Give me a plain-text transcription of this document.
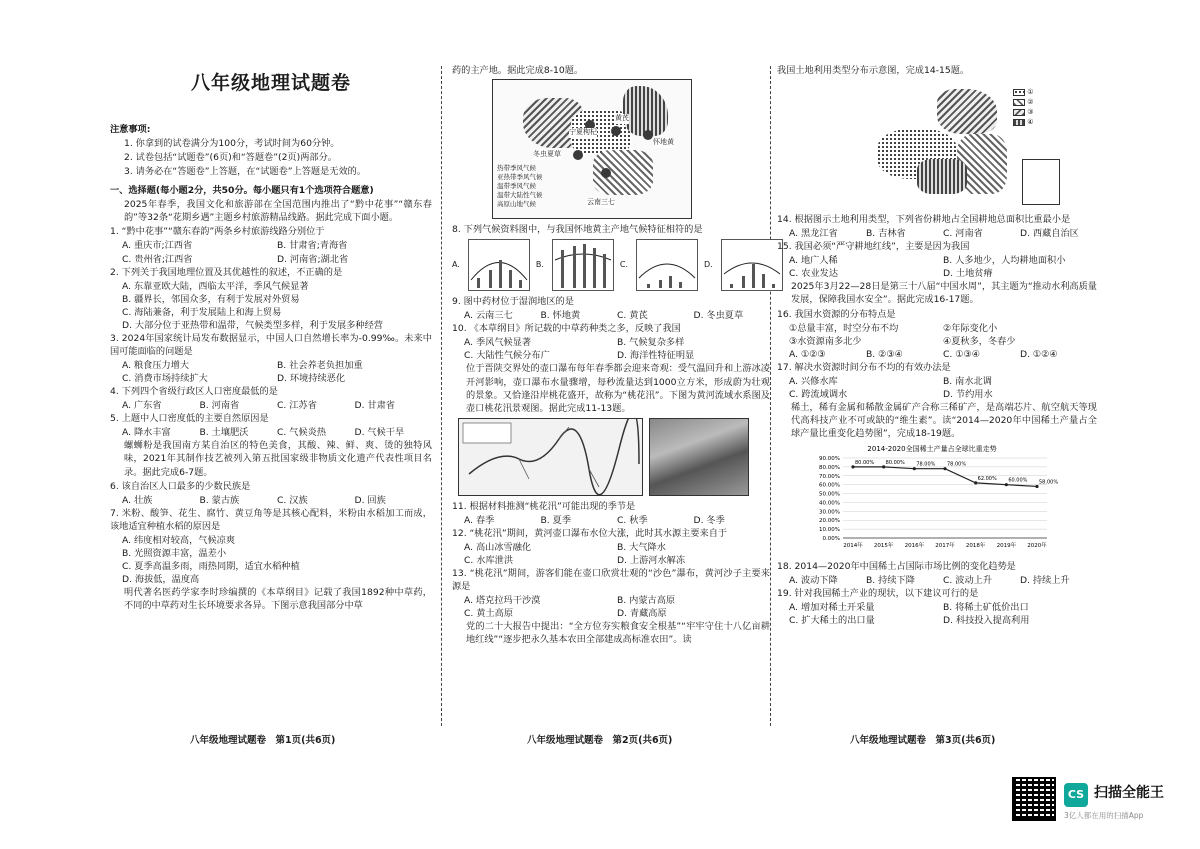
八年级地理试题卷
注意事项:
1. 你拿到的试卷满分为100分，考试时间为60分钟。
2. 试卷包括“试题卷”(6页)和“答题卷”(2页)两部分。
3. 请务必在“答题卷”上答题，在“试题卷”上答题是无效的。
一、选择题(每小题2分，共50分。每小题只有1个选项符合题意)
2025年春季，我国文化和旅游部在全国范围内推出了“黔中花事”“赣东春韵”等32条“花期乡遇”主题乡村旅游精品线路。据此完成下面小题。
1. “黔中花事”“赣东春韵”两条乡村旅游线路分别位于
A. 重庆市;江西省	B. 甘肃省;青海省
C. 贵州省;江西省	D. 河南省;湖北省
2. 下列关于我国地理位置及其优越性的叙述，不正确的是
A. 东靠亚欧大陆，西临太平洋，季风气候显著
B. 疆界长，邻国众多，有利于发展对外贸易
C. 海陆兼备，利于发展陆上和海上贸易
D. 大部分位于亚热带和温带，气候类型多样，利于发展多种经营
3. 2024年国家统计局发布数据显示，中国人口自然增长率为-0.99‰。未来中国可能面临的问题是
A. 粮食压力增大	B. 社会养老负担加重
C. 消费市场持续扩大	D. 环境持续恶化
4. 下列四个省级行政区人口密度最低的是
A. 广东省	B. 河南省	C. 江苏省	D. 甘肃省
5. 上题中人口密度低的主要自然原因是
A. 降水丰富	B. 土壤肥沃	C. 气候炎热	D. 气候干旱
螺蛳粉是我国南方某自治区的特色美食，其酸、辣、鲜、爽、烫的独特风味，2021年其制作技艺被列入第五批国家级非物质文化遗产代表性项目名录。据此完成6-7题。
6. 该自治区人口最多的少数民族是
A. 壮族	B. 蒙古族	C. 汉族	D. 回族
7. 米粉、酸笋、花生、腐竹、黄豆角等是其核心配料，米粉由水稻加工而成，该地适宜种植水稻的原因是
A. 纬度相对较高，气候凉爽
B. 光照资源丰富，温差小
C. 夏季高温多雨，雨热同期，适宜水稻种植
D. 海拔低，温度高
明代著名医药学家李时珍编撰的《本草纲目》记载了我国1892种中草药，不同的中草药对生长环境要求各异。下图示意我国部分中草
八年级地理试题卷　第1页(共6页)
药的主产地。据此完成8-10题。
宁夏枸杞
黄芪
怀地黄
云南三七
冬虫夏草
热带季风气候
亚热带季风气候
温带季风气候
温带大陆性气候
高原山地气候
8. 下列气候资料图中，与我国怀地黄主产地气候特征相符的是
A.	B.	C.	D.
9. 图中药材位于湿润地区的是
A. 云南三七	B. 怀地黄	C. 黄芪	D. 冬虫夏草
10. 《本草纲目》所记载的中草药种类之多，反映了我国
A. 季风气候显著	B. 气候复杂多样
C. 大陆性气候分布广	D. 海洋性特征明显
位于晋陕交界处的壶口瀑布每年春季都会迎来奇观：受气温回升和上游冰凌开河影响，壶口瀑布水量骤增，每秒流量达到1000立方米，形成蔚为壮观的景象。又恰逢沿岸桃花盛开，故称为“桃花汛”。下图为黄河流域水系图及壶口桃花汛景观图。据此完成11-13题。
11. 根据材料推测“桃花汛”可能出现的季节是
A. 春季	B. 夏季	C. 秋季	D. 冬季
12. “桃花汛”期间，黄河壶口瀑布水位大涨，此时其水源主要来自于
A. 高山冰雪融化	B. 大气降水
C. 水库泄洪	D. 上游河水解冻
13. “桃花汛”期间，游客们能在壶口欣赏壮观的“沙色”瀑布，黄河沙子主要来源是
A. 塔克拉玛干沙漠	B. 内蒙古高原
C. 黄土高原	D. 青藏高原
党的二十大报告中提出：“全方位夯实粮食安全根基”“牢牢守住十八亿亩耕地红线”“逐步把永久基本农田全部建成高标准农田”。读
八年级地理试题卷　第2页(共6页)
我国土地利用类型分布示意图，完成14-15题。
①
②
③
④
14. 根据图示土地利用类型，下列省份耕地占全国耕地总面积比重最小是
A. 黑龙江省	B. 吉林省	C. 河南省	D. 西藏自治区
15. 我国必须“严守耕地红线”，主要是因为我国
A. 地广人稀	B. 人多地少，人均耕地面积小
C. 农业发达	D. 土地贫瘠
2025年3月22—28日是第三十八届“中国水周”，其主题为“推动水利高质量发展，保障我国水安全”。据此完成16-17题。
16. 我国水资源的分布特点是
①总量丰富，时空分布不均	②年际变化小
③水资源南多北少	④夏秋多，冬春少
A. ①②③	B. ②③④	C. ①③④	D. ①②④
17. 解决水资源时间分布不均的有效办法是
A. 兴修水库	B. 南水北调
C. 跨流域调水	D. 节约用水
稀土，稀有金属和稀散金属矿产合称三稀矿产，是高端芯片、航空航天等现代高科技产业不可或缺的“维生素”。读“2014—2020年中国稀土产量占全球产量比重变化趋势图”，完成18-19题。
2014-2020全国稀土产量占全球比重走势
90.00%
80.00%
70.00%
60.00%
50.00%
40.00%
30.00%
20.00%
10.00%
0.00%
2014年 2015年 2016年 2017年 2018年 2019年 2020年
80.00% 80.00% 78.00% 78.00%
62.00% 60.00% 58.00%
18. 2014—2020年中国稀土占国际市场比例的变化趋势是
A. 波动下降	B. 持续下降	C. 波动上升	D. 持续上升
19. 针对我国稀土产业的现状，以下建议可行的是
A. 增加对稀土开采量	B. 将稀土矿低价出口
C. 扩大稀土的出口量	D. 科技投入提高利用
八年级地理试题卷　第3页(共6页)
CS 扫描全能王
3亿人都在用的扫描App
